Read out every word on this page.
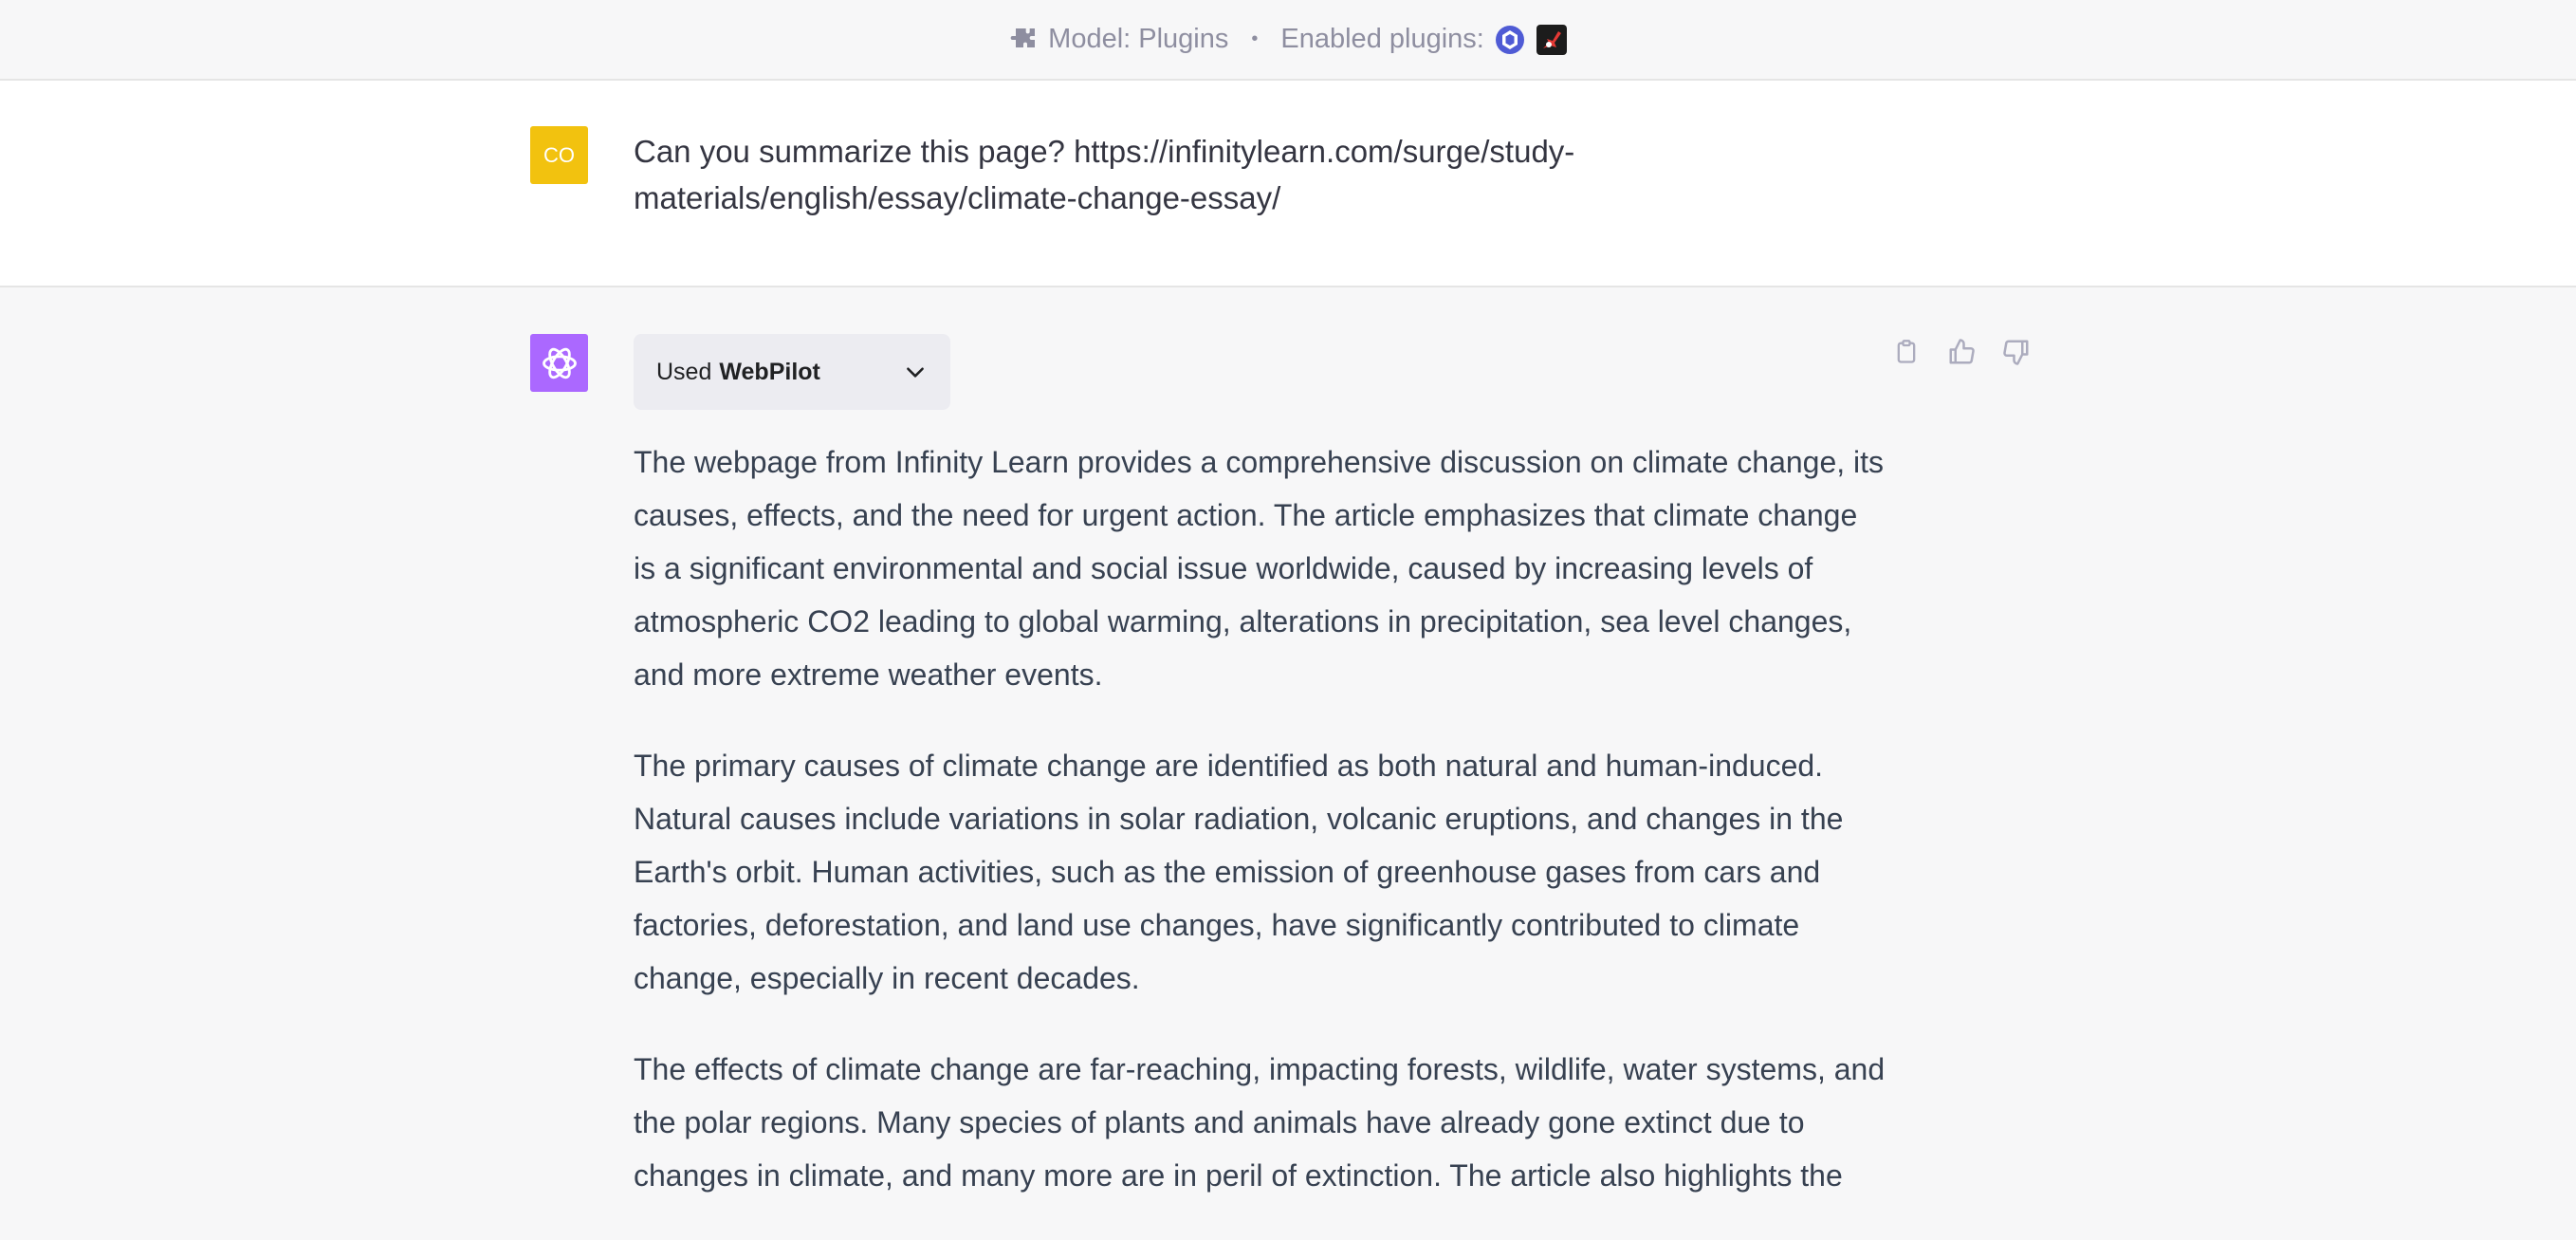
Model: Plugins • Enabled plugins:
CO	Can you summarize this page? https://infinitylearn.com/surge/study-materials/english/essay/climate-change-essay/
Used WebPilot

The webpage from Infinity Learn provides a comprehensive discussion on climate change, its causes, effects, and the need for urgent action. The article emphasizes that climate change is a significant environmental and social issue worldwide, caused by increasing levels of atmospheric CO2 leading to global warming, alterations in precipitation, sea level changes, and more extreme weather events.

The primary causes of climate change are identified as both natural and human-induced. Natural causes include variations in solar radiation, volcanic eruptions, and changes in the Earth's orbit. Human activities, such as the emission of greenhouse gases from cars and factories, deforestation, and land use changes, have significantly contributed to climate change, especially in recent decades.

The effects of climate change are far-reaching, impacting forests, wildlife, water systems, and the polar regions. Many species of plants and animals have already gone extinct due to changes in climate, and many more are in peril of extinction. The article also highlights the
